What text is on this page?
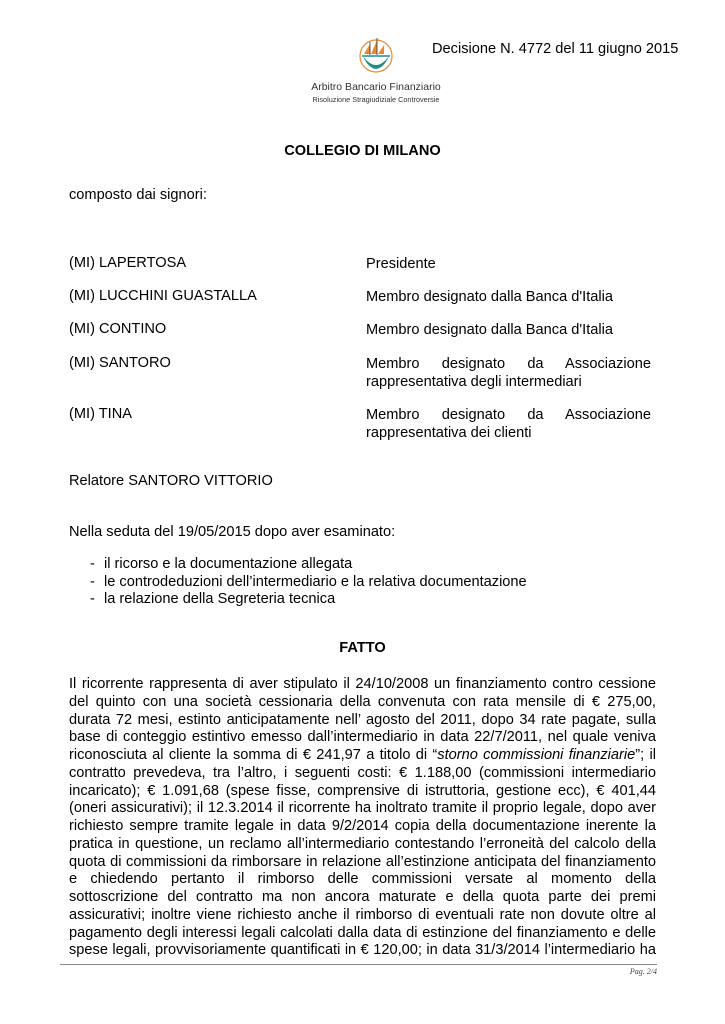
Arbitro Bancario Finanziario
Risoluzione Stragiudiziale Controversie
Decisione N. 4772 del 11 giugno 2015
COLLEGIO DI MILANO
composto dai signori:
(MI) LAPERTOSA	Presidente
(MI) LUCCHINI GUASTALLA	Membro designato dalla Banca d'Italia
(MI) CONTINO	Membro designato dalla Banca d'Italia
(MI) SANTORO	Membro designato da Associazione
rappresentativa degli intermediari
(MI) TINA	Membro designato da Associazione
rappresentativa dei clienti
Relatore SANTORO VITTORIO
Nella seduta del 19/05/2015 dopo aver esaminato:
- il ricorso e la documentazione allegata
- le controdeduzioni dell’intermediario e la relativa documentazione
- la relazione della Segreteria tecnica
FATTO
Il ricorrente rappresenta di aver stipulato il 24/10/2008 un finanziamento contro cessione
del quinto con una società cessionaria della convenuta con rata mensile di € 275,00,
durata 72 mesi, estinto anticipatamente nell’ agosto del 2011, dopo 34 rate pagate, sulla
base di conteggio estintivo emesso dall’intermediario in data 22/7/2011, nel quale veniva
riconosciuta al cliente la somma di € 241,97 a titolo di “storno commissioni finanziarie”; il
contratto prevedeva, tra l’altro, i seguenti costi: € 1.188,00 (commissioni intermediario
incaricato); € 1.091,68 (spese fisse, comprensive di istruttoria, gestione ecc), € 401,44
(oneri assicurativi); il 12.3.2014 il ricorrente ha inoltrato tramite il proprio legale, dopo aver
richiesto sempre tramite legale in data 9/2/2014 copia della documentazione inerente la
pratica in questione, un reclamo all’intermediario contestando l’erroneità del calcolo della
quota di commissioni da rimborsare in relazione all’estinzione anticipata del finanziamento
e chiedendo pertanto il rimborso delle commissioni versate al momento della
sottoscrizione del contratto ma non ancora maturate e della quota parte dei premi
assicurativi; inoltre viene richiesto anche il rimborso di eventuali rate non dovute oltre al
pagamento degli interessi legali calcolati dalla data di estinzione del finanziamento e delle
spese legali, provvisoriamente quantificati in € 120,00; in data 31/3/2014 l’intermediario ha
Pag. 2/4
